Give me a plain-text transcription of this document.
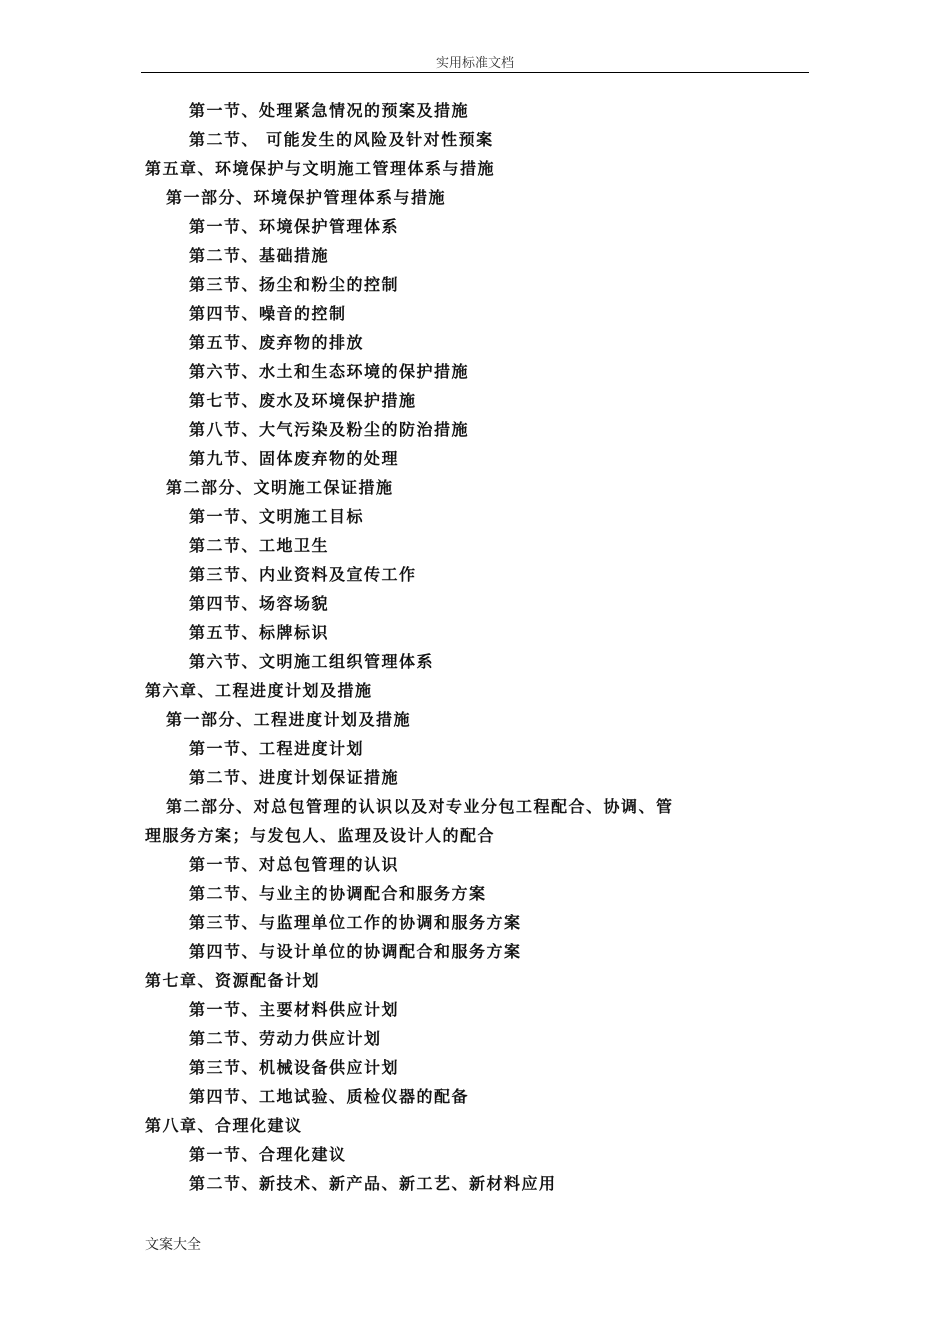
实用标准文档
第一节、处理紧急情况的预案及措施
第二节、 可能发生的风险及针对性预案
第五章、环境保护与文明施工管理体系与措施
第一部分、环境保护管理体系与措施
第一节、环境保护管理体系
第二节、基础措施
第三节、扬尘和粉尘的控制
第四节、噪音的控制
第五节、废弃物的排放
第六节、水土和生态环境的保护措施
第七节、废水及环境保护措施
第八节、大气污染及粉尘的防治措施
第九节、固体废弃物的处理
第二部分、文明施工保证措施
第一节、文明施工目标
第二节、工地卫生
第三节、内业资料及宣传工作
第四节、场容场貌
第五节、标牌标识
第六节、文明施工组织管理体系
第六章、工程进度计划及措施
第一部分、工程进度计划及措施
第一节、工程进度计划
第二节、进度计划保证措施
第二部分、对总包管理的认识以及对专业分包工程配合、协调、管
理服务方案；与发包人、监理及设计人的配合
第一节、对总包管理的认识
第二节、与业主的协调配合和服务方案
第三节、与监理单位工作的协调和服务方案
第四节、与设计单位的协调配合和服务方案
第七章、资源配备计划
第一节、主要材料供应计划
第二节、劳动力供应计划
第三节、机械设备供应计划
第四节、工地试验、质检仪器的配备
第八章、合理化建议
第一节、合理化建议
第二节、新技术、新产品、新工艺、新材料应用
文案大全
